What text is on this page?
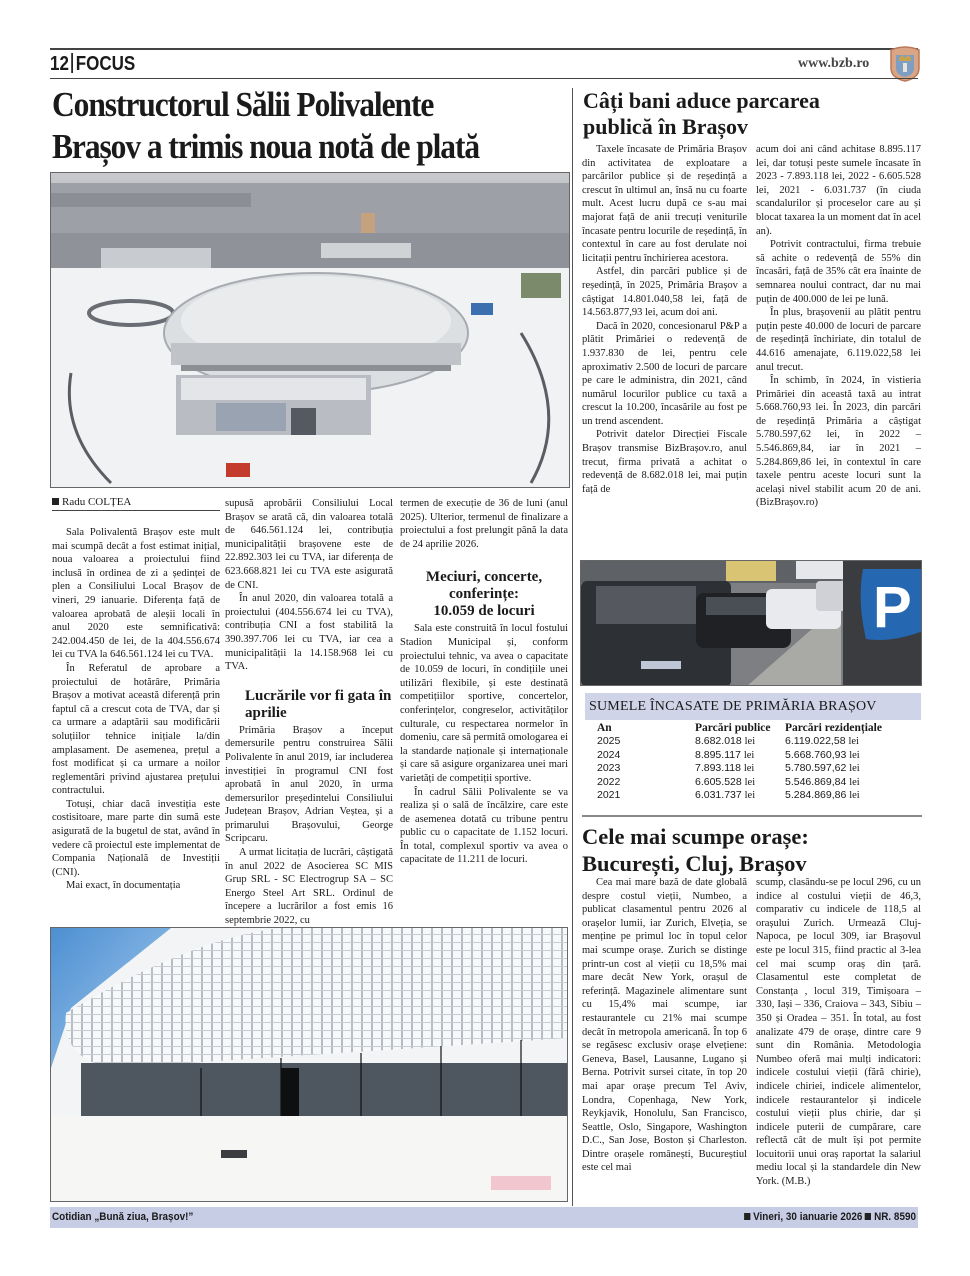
12 FOCUS	www.bzb.ro
Constructorul Sălii Polivalente
Brașov a trimis noua notă de plată
Radu COLȚEA

Sala Polivalentă Brașov este mult mai scumpă decât a fost estimat inițial, noua valoarea a proiectului fiind inclusă în ordinea de zi a ședinței de plen a Consiliului Local Brașov de vineri, 29 ianuarie. Diferența față de valoarea aprobată de aleșii locali în anul 2020 este semnificativă: 242.004.450 de lei, de la 404.556.674 lei cu TVA la 646.561.124 lei cu TVA.

În Referatul de aprobare a proiectului de hotărâre, Primăria Brașov a motivat această diferență prin faptul că a crescut cota de TVA, dar și ca urmare a adaptării sau modificării soluțiilor tehnice inițiale la/din amplasament. De asemenea, prețul a fost modificat și ca urmare a noilor reglementări privind ajustarea prețului contractului.

Totuși, chiar dacă investiția este costisitoare, mare parte din sumă este asigurată de la bugetul de stat, având în vedere că proiectul este implementat de Compania Națională de Investiții (CNI).

Mai exact, în documentația

supusă aprobării Consiliului Local Brașov se arată că, din valoarea totală de 646.561.124 lei, contribuția municipalității brașovene este de 22.892.303 lei cu TVA, iar diferența de 623.668.821 lei cu TVA este asigurată de CNI.

În anul 2020, din valoarea totală a proiectului (404.556.674 lei cu TVA), contribuția CNI a fost stabilită la 390.397.706 lei cu TVA, iar cea a municipalității la 14.158.968 lei cu TVA.

Lucrările vor fi gata în aprilie

Primăria Brașov a început demersurile pentru construirea Sălii Polivalente în anul 2019, iar includerea investiției în programul CNI fost aprobată în anul 2020, în urma demersurilor președintelui Consiliului Județean Brașov, Adrian Veștea, și a primarului Brașovului, George Scripcaru.

A urmat licitația de lucrări, câștigată în anul 2022 de Asocierea SC MIS Grup SRL - SC Electrogrup SA – SC Energo Steel Art SRL. Ordinul de începere a lucrărilor a fost emis 16 septembrie 2022, cu

termen de execuție de 36 de luni (anul 2025). Ulterior, termenul de finalizare a proiectului a fost prelungit până la data de 24 aprilie 2026.

Meciuri, concerte,
conferințe:
10.059 de locuri

Sala este construită în locul fostului Stadion Municipal și, conform proiectului tehnic, va avea o capacitate de 10.059 de locuri, în condițiile unei utilizări flexibile, și este destinată competițiilor sportive, concertelor, conferințelor, congreselor, activităților culturale, cu respectarea normelor în domeniu, care să permită omologarea ei la standarde naționale și internaționale și care să asigure organizarea unei mari varietăți de competiții sportive.

În cadrul Sălii Polivalente se va realiza și o sală de încălzire, care este de asemenea dotată cu tribune pentru public cu o capacitate de 1.152 locuri. În total, complexul sportiv va avea o capacitate de 11.211 de locuri.

Câți bani aduce parcarea
publică în Brașov

Taxele încasate de Primăria Brașov din activitatea de exploatare a parcărilor publice și de reședință a crescut în ultimul an, însă nu cu foarte mult. Acest lucru după ce s-au mai majorat față de anii trecuți veniturile încasate pentru locurile de reședință, în contextul în care au fost derulate noi licitații pentru închirierea acestora.

Astfel, din parcări publice și de reședință, în 2025, Primăria Brașov a câștigat 14.801.040,58 lei, față de 14.563.877,93 lei, acum doi ani.

Dacă în 2020, concesionarul P&P a plătit Primăriei o redevență de 1.937.830 de lei, pentru cele aproximativ 2.500 de locuri de parcare pe care le administra, din 2021, când numărul locurilor publice cu taxă a crescut la 10.200, încasările au fost pe un trend ascendent.

Potrivit datelor Direcției Fiscale Brașov transmise BizBrașov.ro, anul trecut, firma privată a achitat o redevență de 8.682.018 lei, mai puțin față de

acum doi ani când achitase 8.895.117 lei, dar totuși peste sumele încasate în 2023 - 7.893.118 lei, 2022 - 6.605.528 lei, 2021 - 6.031.737 (în ciuda scandalurilor și proceselor care au și blocat taxarea la un moment dat în acel an).

Potrivit contractului, firma trebuie să achite o redevență de 55% din încasări, față de 35% cât era înainte de semnarea noului contract, dar nu mai puțin de 400.000 de lei pe lună.

În plus, brașovenii au plătit pentru puțin peste 40.000 de locuri de parcare de reședință închiriate, din totalul de 44.616 amenajate, 6.119.022,58 lei anul trecut.

În schimb, în 2024, în vistieria Primăriei din această taxă au intrat 5.668.760,93 lei. În 2023, din parcări de reședință Primăria a câștigat 5.780.597,62 lei, în 2022 – 5.546.869,84, iar în 2021 – 5.284.869,86 lei, în contextul în care taxele pentru aceste locuri sunt la același nivel stabilit acum 20 de ani. (BizBrașov.ro)

P
SUMELE ÎNCASATE DE PRIMĂRIA BRAȘOV
An	Parcări publice	Parcări rezidențiale
2025	8.682.018 lei	6.119.022,58 lei
2024	8.895.117 lei	5.668.760,93 lei
2023	7.893.118 lei	5.780.597,62 lei
2022	6.605.528 lei	5.546.869,84 lei
2021	6.031.737 lei	5.284.869,86 lei
Cele mai scumpe orașe:
București, Cluj, Brașov

Cea mai mare bază de date globală despre costul vieții, Numbeo, a publicat clasamentul pentru 2026 al orașelor lumii, iar Zurich, Elveția, se menține pe primul loc în topul celor mai scumpe orașe. Zurich se distinge printr-un cost al vieții cu 18,5% mai mare decât New York, orașul de referință. Magazinele alimentare sunt cu 15,4% mai scumpe, iar restaurantele cu 21% mai scumpe decât în metropola americană. În top 6 se regăsesc exclusiv orașe elvețiene: Geneva, Basel, Lausanne, Lugano și Berna. Potrivit sursei citate, în top 20 mai apar orașe precum Tel Aviv, Londra, Copenhaga, New York, Reykjavik, Honolulu, San Francisco, Seattle, Oslo, Singapore, Washington D.C., San Jose, Boston și Charleston. Dintre orașele românești, Bucureștiul este cel mai

scump, clasându-se pe locul 296, cu un indice al costului vieții de 46,3, comparativ cu indicele de 118,5 al orașului Zurich. Urmează Cluj-Napoca, pe locul 309, iar Brașovul este pe locul 315, fiind practic al 3-lea cel mai scump oraș din țară. Clasamentul este completat de Constanța , locul 319, Timișoara – 330, Iași – 336, Craiova – 343, Sibiu – 350 și Oradea – 351. În total, au fost analizate 479 de orașe, dintre care 9 sunt din România. Metodologia Numbeo oferă mai mulți indicatori: indicele costului vieții (fără chirie), indicele chiriei, indicele alimentelor, indicele restaurantelor și indicele costului vieții plus chirie, dar și indicele puterii de cumpărare, care reflectă cât de mult își pot permite locuitorii unui oraș raportat la salariul mediu local și la standardele din New York. (M.B.)

Cotidian „Bună ziua, Brașov!”	Vineri, 30 ianuarie 2026 NR. 8590
